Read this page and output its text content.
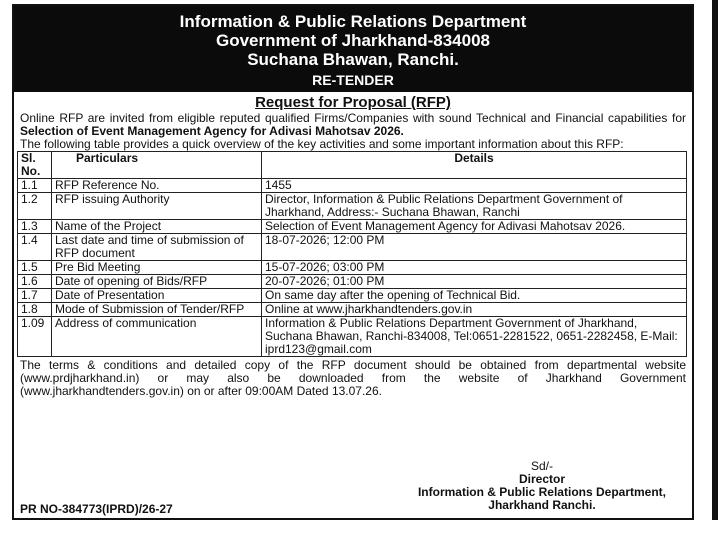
Information & Public Relations Department
Government of Jharkhand-834008
Suchana Bhawan, Ranchi.
RE-TENDER
Request for Proposal (RFP)
Online RFP are invited from eligible reputed qualified Firms/Companies with sound Technical and Financial capabilities for Selection of Event Management Agency for Adivasi Mahotsav 2026.
The following table provides a quick overview of the key activities and some important information about this RFP:
Sl. No.	Particulars	Details
1.1	RFP Reference No.	1455
1.2	RFP issuing Authority	Director, Information & Public Relations Department Government of Jharkhand, Address:- Suchana Bhawan, Ranchi
1.3	Name of the Project	Selection of Event Management Agency for Adivasi Mahotsav 2026.
1.4	Last date and time of submission of RFP document	18-07-2026; 12:00 PM
1.5	Pre Bid Meeting	15-07-2026; 03:00 PM
1.6	Date of opening of Bids/RFP	20-07-2026; 01:00 PM
1.7	Date of Presentation	On same day after the opening of Technical Bid.
1.8	Mode of Submission of Tender/RFP	Online at www.jharkhandtenders.gov.in
1.09	Address of communication	Information & Public Relations Department Government of Jharkhand, Suchana Bhawan, Ranchi-834008, Tel:0651-2281522, 0651-2282458, E-Mail: iprd123@gmail.com
The terms & conditions and detailed copy of the RFP document should be obtained from departmental website (www.prdjharkhand.in) or may also be downloaded from the website of Jharkhand Government (www.jharkhandtenders.gov.in) on or after 09:00AM Dated 13.07.26.
Sd/-
Director
Information & Public Relations Department,
Jharkhand Ranchi.
PR NO-384773(IPRD)/26-27
